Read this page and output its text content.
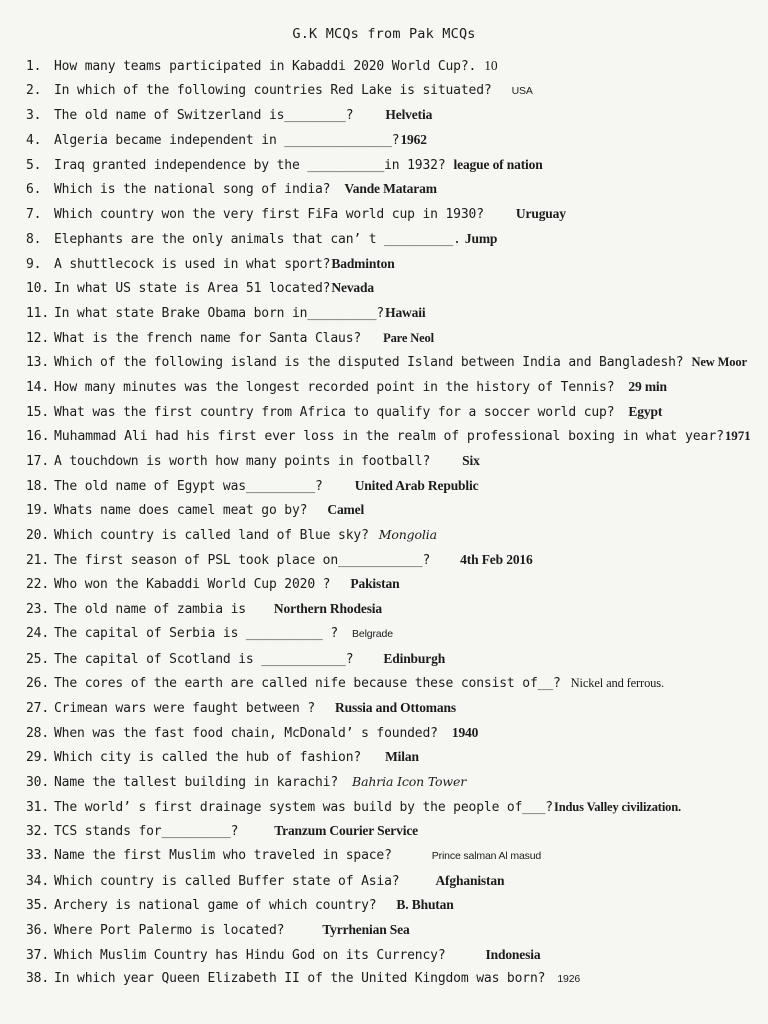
G.K MCQs from Pak MCQs
1. How many teams participated in Kabaddi 2020 World Cup?. 10
2. In which of the following countries Red Lake is situated? USA
3. The old name of Switzerland is________? Helvetia
4. Algeria became independent in ______________?1962
5. Iraq granted independence by the __________in 1932? league of nation
6. Which is the national song of india? Vande Mataram
7. Which country won the very first FiFa world cup in 1930? Uruguay
8. Elephants are the only animals that can’ t _________. Jump
9. A shuttlecock is used in what sport?Badminton
10. In what US state is Area 51 located?Nevada
11. In what state Brake Obama born in_________?Hawaii
12. What is the french name for Santa Claus? Pare Neol
13. Which of the following island is the disputed Island between India and Bangladesh? New Moor
14. How many minutes was the longest recorded point in the history of Tennis? 29 min
15. What was the first country from Africa to qualify for a soccer world cup? Egypt
16. Muhammad Ali had his first ever loss in the realm of professional boxing in what year?1971
17. A touchdown is worth how many points in football? Six
18. The old name of Egypt was_________? United Arab Republic
19. Whats name does camel meat go by? Camel
20. Which country is called land of Blue sky? Mongolia
21. The first season of PSL took place on___________? 4th Feb 2016
22. Who won the Kabaddi World Cup 2020 ? Pakistan
23. The old name of zambia is Northern Rhodesia
24. The capital of Serbia is __________ ? Belgrade
25. The capital of Scotland is ___________? Edinburgh
26. The cores of the earth are called nife because these consist of__? Nickel and ferrous.
27. Crimean wars were faught between ? Russia and Ottomans
28. When was the fast food chain, McDonald’ s founded? 1940
29. Which city is called the hub of fashion? Milan
30. Name the tallest building in karachi? Bahria Icon Tower
31. The world’ s first drainage system was build by the people of___?Indus Valley civilization.
32. TCS stands for_________?	Tranzum Courier Service
33. Name the first Muslim who traveled in space?	Prince salman Al masud
34. Which country is called Buffer state of Asia?	Afghanistan
35. Archery is national game of which country? B. Bhutan
36. Where Port Palermo is located?	Tyrrhenian Sea
37. Which Muslim Country has Hindu God on its Currency?	Indonesia
38. In which year Queen Elizabeth II of the United Kingdom was born? 1926
